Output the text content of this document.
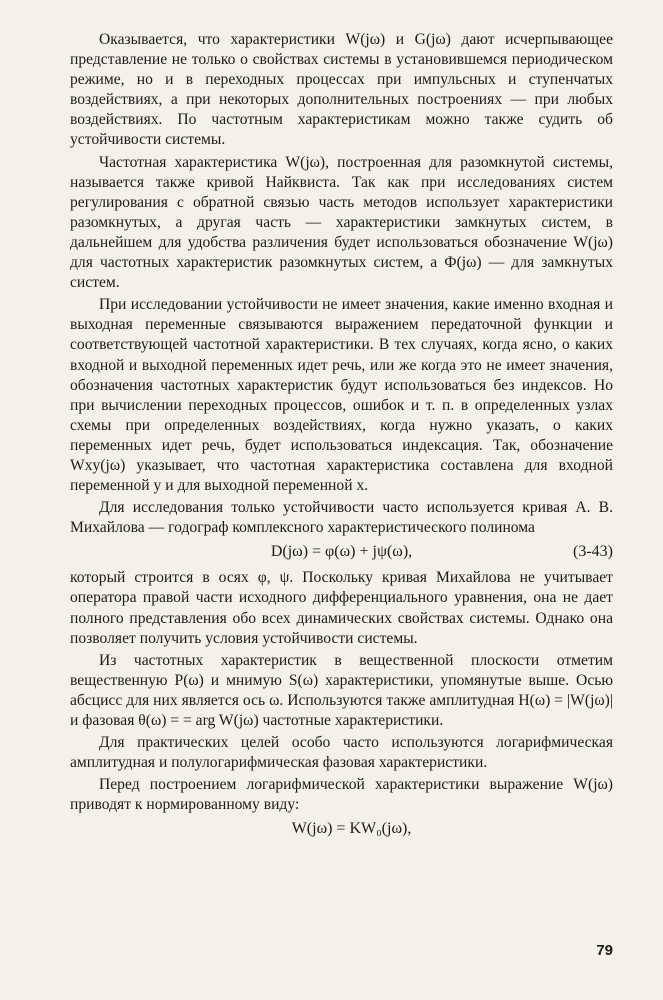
Оказывается, что характеристики W(jω) и G(jω) дают исчерпывающее представление не только о свойствах системы в установившемся периодическом режиме, но и в переходных процессах при импульсных и ступенчатых воздействиях, а при некоторых дополнительных построениях — при любых воздействиях. По частотным характеристикам можно также судить об устойчивости системы.

Частотная характеристика W(jω), построенная для разомкнутой системы, называется также кривой Найквиста. Так как при исследованиях систем регулирования с обратной связью часть методов использует характеристики разомкнутых, а другая часть — характеристики замкнутых систем, в дальнейшем для удобства различения будет использоваться обозначение W(jω) для частотных характеристик разомкнутых систем, а Ф(jω) — для замкнутых систем.

При исследовании устойчивости не имеет значения, какие именно входная и выходная переменные связываются выражением передаточной функции и соответствующей частотной характеристики. В тех случаях, когда ясно, о каких входной и выходной переменных идет речь, или же когда это не имеет значения, обозначения частотных характеристик будут использоваться без индексов. Но при вычислении переходных процессов, ошибок и т. п. в определенных узлах схемы при определенных воздействиях, когда нужно указать, о каких переменных идет речь, будет использоваться индексация. Так, обозначение Wxy(jω) указывает, что частотная характеристика составлена для входной переменной y и для выходной переменной x.

Для исследования только устойчивости часто используется кривая А. В. Михайлова — годограф комплексного характеристического полинома

D(jω) = φ(ω) + jψ(ω),	(3-43)

который строится в осях φ, ψ. Поскольку кривая Михайлова не учитывает оператора правой части исходного дифференциального уравнения, она не дает полного представления обо всех динамических свойствах системы. Однако она позволяет получить условия устойчивости системы.

Из частотных характеристик в вещественной плоскости отметим вещественную P(ω) и мнимую S(ω) характеристики, упомянутые выше. Осью абсцисс для них является ось ω. Используются также амплитудная H(ω) = |W(jω)| и фазовая θ(ω) = = arg W(jω) частотные характеристики.

Для практических целей особо часто используются логарифмическая амплитудная и полулогарифмическая фазовая характеристики.

Перед построением логарифмической характеристики выражение W(jω) приводят к нормированному виду:

W(jω) = KW₀(jω),
79
